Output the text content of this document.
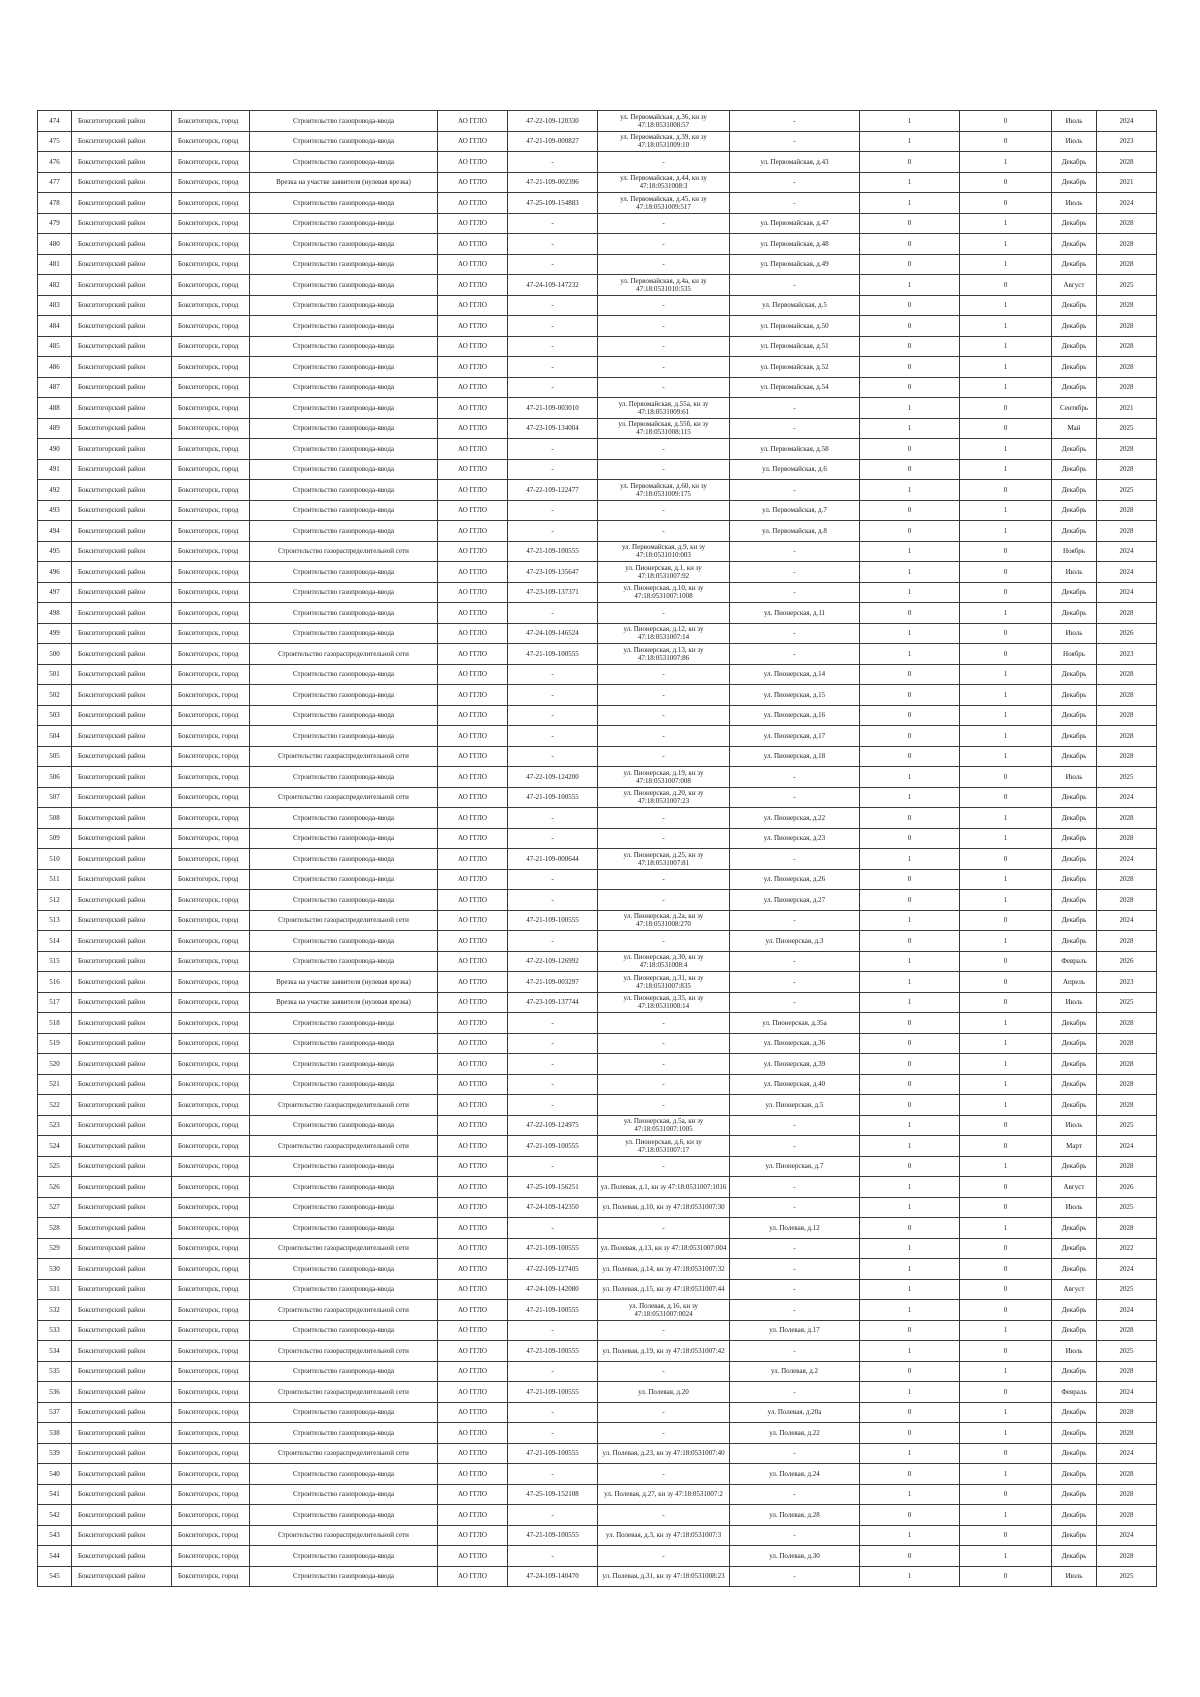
474	Бокситогорский район	Бокситогорск, город	Строительство газопровода-ввода	АО ГГЛО	47-22-109-120330	ул. Первомайская, д.36, кн зу 47:18:0531008:57	-	1	0	Июль	2024
475	Бокситогорский район	Бокситогорск, город	Строительство газопровода-ввода	АО ГГЛО	47-21-109-000827	ул. Первомайская, д.39, кн зу 47:18:0531009:10	-	1	0	Июль	2023
476	Бокситогорский район	Бокситогорск, город	Строительство газопровода-ввода	АО ГГЛО	-	-	ул. Первомайская, д.43	0	1	Декабрь	2028
477	Бокситогорский район	Бокситогорск, город	Врезка на участке заявителя (нулевая врезка)	АО ГГЛО	47-21-109-002396	ул. Первомайская, д.44, кн зу 47:18:0531008:3	-	1	0	Декабрь	2021
478	Бокситогорский район	Бокситогорск, город	Строительство газопровода-ввода	АО ГГЛО	47-25-109-154883	ул. Первомайская, д.45, кн зу 47:18:0531009:517	-	1	0	Июль	2024
479	Бокситогорский район	Бокситогорск, город	Строительство газопровода-ввода	АО ГГЛО	-	-	ул. Первомайская, д.47	0	1	Декабрь	2028
480	Бокситогорский район	Бокситогорск, город	Строительство газопровода-ввода	АО ГГЛО	-	-	ул. Первомайская, д.48	0	1	Декабрь	2028
481	Бокситогорский район	Бокситогорск, город	Строительство газопровода-ввода	АО ГГЛО	-	-	ул. Первомайская, д.49	0	1	Декабрь	2028
482	Бокситогорский район	Бокситогорск, город	Строительство газопровода-ввода	АО ГГЛО	47-24-109-147232	ул. Первомайская, д.4а, кн зу 47:18:0531010:535	-	1	0	Август	2025
483	Бокситогорский район	Бокситогорск, город	Строительство газопровода-ввода	АО ГГЛО	-	-	ул. Первомайская, д.5	0	1	Декабрь	2028
484	Бокситогорский район	Бокситогорск, город	Строительство газопровода-ввода	АО ГГЛО	-	-	ул. Первомайская, д.50	0	1	Декабрь	2028
485	Бокситогорский район	Бокситогорск, город	Строительство газопровода-ввода	АО ГГЛО	-	-	ул. Первомайская, д.51	0	1	Декабрь	2028
486	Бокситогорский район	Бокситогорск, город	Строительство газопровода-ввода	АО ГГЛО	-	-	ул. Первомайская, д.52	0	1	Декабрь	2028
487	Бокситогорский район	Бокситогорск, город	Строительство газопровода-ввода	АО ГГЛО	-	-	ул. Первомайская, д.54	0	1	Декабрь	2028
488	Бокситогорский район	Бокситогорск, город	Строительство газопровода-ввода	АО ГГЛО	47-21-109-003010	ул. Первомайская, д.55а, кн зу 47:18:0531009:61	-	1	0	Сентябрь	2021
489	Бокситогорский район	Бокситогорск, город	Строительство газопровода-ввода	АО ГГЛО	47-23-109-134004	ул. Первомайская, д.55б, кн зу 47:18:0531008:115	-	1	0	Май	2025
490	Бокситогорский район	Бокситогорск, город	Строительство газопровода-ввода	АО ГГЛО	-	-	ул. Первомайская, д.58	0	1	Декабрь	2028
491	Бокситогорский район	Бокситогорск, город	Строительство газопровода-ввода	АО ГГЛО	-	-	ул. Первомайская, д.6	0	1	Декабрь	2028
492	Бокситогорский район	Бокситогорск, город	Строительство газопровода-ввода	АО ГГЛО	47-22-109-122477	ул. Первомайская, д.60, кн зу 47:18:0531009:175	-	1	0	Декабрь	2025
493	Бокситогорский район	Бокситогорск, город	Строительство газопровода-ввода	АО ГГЛО	-	-	ул. Первомайская, д.7	0	1	Декабрь	2028
494	Бокситогорский район	Бокситогорск, город	Строительство газопровода-ввода	АО ГГЛО	-	-	ул. Первомайская, д.8	0	1	Декабрь	2028
495	Бокситогорский район	Бокситогорск, город	Строительство газораспределительной сети	АО ГГЛО	47-21-109-100555	ул. Первомайская, д.9, кн зу 47:18:0531010:003	-	1	0	Ноябрь	2024
496	Бокситогорский район	Бокситогорск, город	Строительство газопровода-ввода	АО ГГЛО	47-23-109-135647	ул. Пионерская, д.1, кн зу 47:18:0531007:92	-	1	0	Июль	2024
497	Бокситогорский район	Бокситогорск, город	Строительство газопровода-ввода	АО ГГЛО	47-23-109-137371	ул. Пионерская, д.10, кн зу 47:18:0531007:1008	-	1	0	Декабрь	2024
498	Бокситогорский район	Бокситогорск, город	Строительство газопровода-ввода	АО ГГЛО	-	-	ул. Пионерская, д.11	0	1	Декабрь	2028
499	Бокситогорский район	Бокситогорск, город	Строительство газопровода-ввода	АО ГГЛО	47-24-109-146524	ул. Пионерская, д.12, кн зу 47:18:0531007:14	-	1	0	Июль	2026
500	Бокситогорский район	Бокситогорск, город	Строительство газораспределительной сети	АО ГГЛО	47-21-109-100555	ул. Пионерская, д.13, кн зу 47:18:0531007:86	-	1	0	Ноябрь	2023
501	Бокситогорский район	Бокситогорск, город	Строительство газопровода-ввода	АО ГГЛО	-	-	ул. Пионерская, д.14	0	1	Декабрь	2028
502	Бокситогорский район	Бокситогорск, город	Строительство газопровода-ввода	АО ГГЛО	-	-	ул. Пионерская, д.15	0	1	Декабрь	2028
503	Бокситогорский район	Бокситогорск, город	Строительство газопровода-ввода	АО ГГЛО	-	-	ул. Пионерская, д.16	0	1	Декабрь	2028
504	Бокситогорский район	Бокситогорск, город	Строительство газопровода-ввода	АО ГГЛО	-	-	ул. Пионерская, д.17	0	1	Декабрь	2028
505	Бокситогорский район	Бокситогорск, город	Строительство газораспределительной сети	АО ГГЛО	-	-	ул. Пионерская, д.18	0	1	Декабрь	2028
506	Бокситогорский район	Бокситогорск, город	Строительство газопровода-ввода	АО ГГЛО	47-22-109-124200	ул. Пионерская, д.19, кн зу 47:18:0531007:008	-	1	0	Июль	2025
507	Бокситогорский район	Бокситогорск, город	Строительство газораспределительной сети	АО ГГЛО	47-21-109-100555	ул. Пионерская, д.20, кн зу 47:18:0531007:23	-	1	0	Декабрь	2024
508	Бокситогорский район	Бокситогорск, город	Строительство газопровода-ввода	АО ГГЛО	-	-	ул. Пионерская, д.22	0	1	Декабрь	2028
509	Бокситогорский район	Бокситогорск, город	Строительство газопровода-ввода	АО ГГЛО	-	-	ул. Пионерская, д.23	0	1	Декабрь	2028
510	Бокситогорский район	Бокситогорск, город	Строительство газопровода-ввода	АО ГГЛО	47-21-109-000644	ул. Пионерская, д.25, кн зу 47:18:0531007:81	-	1	0	Декабрь	2024
511	Бокситогорский район	Бокситогорск, город	Строительство газопровода-ввода	АО ГГЛО	-	-	ул. Пионерская, д.26	0	1	Декабрь	2028
512	Бокситогорский район	Бокситогорск, город	Строительство газопровода-ввода	АО ГГЛО	-	-	ул. Пионерская, д.27	0	1	Декабрь	2028
513	Бокситогорский район	Бокситогорск, город	Строительство газораспределительной сети	АО ГГЛО	47-21-109-100555	ул. Пионерская, д.2а, кн зу 47:18:0531008:270	-	1	0	Декабрь	2024
514	Бокситогорский район	Бокситогорск, город	Строительство газопровода-ввода	АО ГГЛО	-	-	ул. Пионерская, д.3	0	1	Декабрь	2028
515	Бокситогорский район	Бокситогорск, город	Строительство газопровода-ввода	АО ГГЛО	47-22-109-126992	ул. Пионерская, д.30, кн зу 47:18:0531008:4	-	1	0	Февраль	2026
516	Бокситогорский район	Бокситогорск, город	Врезка на участке заявителя (нулевая врезка)	АО ГГЛО	47-21-109-003297	ул. Пионерская, д.31, кн зу 47:18:0531007:835	-	1	0	Апрель	2023
517	Бокситогорский район	Бокситогорск, город	Врезка на участке заявителя (нулевая врезка)	АО ГГЛО	47-23-109-137744	ул. Пионерская, д.35, кн зу 47:18:0531008:14	-	1	0	Июль	2025
518	Бокситогорский район	Бокситогорск, город	Строительство газопровода-ввода	АО ГГЛО	-	-	ул. Пионерская, д.35а	0	1	Декабрь	2028
519	Бокситогорский район	Бокситогорск, город	Строительство газопровода-ввода	АО ГГЛО	-	-	ул. Пионерская, д.36	0	1	Декабрь	2028
520	Бокситогорский район	Бокситогорск, город	Строительство газопровода-ввода	АО ГГЛО	-	-	ул. Пионерская, д.39	0	1	Декабрь	2028
521	Бокситогорский район	Бокситогорск, город	Строительство газопровода-ввода	АО ГГЛО	-	-	ул. Пионерская, д.40	0	1	Декабрь	2028
522	Бокситогорский район	Бокситогорск, город	Строительство газораспределительной сети	АО ГГЛО	-	-	ул. Пионерская, д.5	0	1	Декабрь	2028
523	Бокситогорский район	Бокситогорск, город	Строительство газопровода-ввода	АО ГГЛО	47-22-109-124975	ул. Пионерская, д.5а, кн зу 47:18:0531007:1005	-	1	0	Июль	2025
524	Бокситогорский район	Бокситогорск, город	Строительство газораспределительной сети	АО ГГЛО	47-21-109-100555	ул. Пионерская, д.6, кн зу 47:18:0531007:17	-	1	0	Март	2024
525	Бокситогорский район	Бокситогорск, город	Строительство газопровода-ввода	АО ГГЛО	-	-	ул. Пионерская, д.7	0	1	Декабрь	2028
526	Бокситогорский район	Бокситогорск, город	Строительство газопровода-ввода	АО ГГЛО	47-25-109-156251	ул. Полевая, д.1, кн зу 47:18:0531007:1016	-	1	0	Август	2026
527	Бокситогорский район	Бокситогорск, город	Строительство газопровода-ввода	АО ГГЛО	47-24-109-142350	ул. Полевая, д.10, кн зу 47:18:0531007:30	-	1	0	Июль	2025
528	Бокситогорский район	Бокситогорск, город	Строительство газопровода-ввода	АО ГГЛО	-	-	ул. Полевая, д.12	0	1	Декабрь	2028
529	Бокситогорский район	Бокситогорск, город	Строительство газораспределительной сети	АО ГГЛО	47-21-109-100555	ул. Полевая, д.13, кн зу 47:18:0531007:004	-	1	0	Декабрь	2022
530	Бокситогорский район	Бокситогорск, город	Строительство газопровода-ввода	АО ГГЛО	47-22-109-127405	ул. Полевая, д.14, кн зу 47:18:0531007:32	-	1	0	Декабрь	2024
531	Бокситогорский район	Бокситогорск, город	Строительство газопровода-ввода	АО ГГЛО	47-24-109-142080	ул. Полевая, д.15, кн зу 47:18:0531007:44	-	1	0	Август	2025
532	Бокситогорский район	Бокситогорск, город	Строительство газораспределительной сети	АО ГГЛО	47-21-109-100555	ул. Полевая, д.16, кн зу 47:18:0531007:0024	-	1	0	Декабрь	2024
533	Бокситогорский район	Бокситогорск, город	Строительство газопровода-ввода	АО ГГЛО	-	-	ул. Полевая, д.17	0	1	Декабрь	2028
534	Бокситогорский район	Бокситогорск, город	Строительство газораспределительной сети	АО ГГЛО	47-21-109-100555	ул. Полевая, д.19, кн зу 47:18:0531007:42	-	1	0	Июль	2025
535	Бокситогорский район	Бокситогорск, город	Строительство газопровода-ввода	АО ГГЛО	-	-	ул. Полевая, д.2	0	1	Декабрь	2028
536	Бокситогорский район	Бокситогорск, город	Строительство газораспределительной сети	АО ГГЛО	47-21-109-100555	ул. Полевая, д.20	-	1	0	Февраль	2024
537	Бокситогорский район	Бокситогорск, город	Строительство газопровода-ввода	АО ГГЛО	-	-	ул. Полевая, д.20а	0	1	Декабрь	2028
538	Бокситогорский район	Бокситогорск, город	Строительство газопровода-ввода	АО ГГЛО	-	-	ул. Полевая, д.22	0	1	Декабрь	2028
539	Бокситогорский район	Бокситогорск, город	Строительство газораспределительной сети	АО ГГЛО	47-21-109-100555	ул. Полевая, д.23, кн зу 47:18:0531007:40	-	1	0	Декабрь	2024
540	Бокситогорский район	Бокситогорск, город	Строительство газопровода-ввода	АО ГГЛО	-	-	ул. Полевая, д.24	0	1	Декабрь	2028
541	Бокситогорский район	Бокситогорск, город	Строительство газопровода-ввода	АО ГГЛО	47-25-109-152108	ул. Полевая, д.27, кн зу 47:18:0531007:2	-	1	0	Декабрь	2028
542	Бокситогорский район	Бокситогорск, город	Строительство газопровода-ввода	АО ГГЛО	-	-	ул. Полевая, д.28	0	1	Декабрь	2028
543	Бокситогорский район	Бокситогорск, город	Строительство газораспределительной сети	АО ГГЛО	47-21-109-100555	ул. Полевая, д.3, кн зу 47:18:0531007:3	-	1	0	Декабрь	2024
544	Бокситогорский район	Бокситогорск, город	Строительство газопровода-ввода	АО ГГЛО	-	-	ул. Полевая, д.30	0	1	Декабрь	2028
545	Бокситогорский район	Бокситогорск, город	Строительство газопровода-ввода	АО ГГЛО	47-24-109-140470	ул. Полевая, д.31, кн зу 47:18:0531008:23	-	1	0	Июль	2025
